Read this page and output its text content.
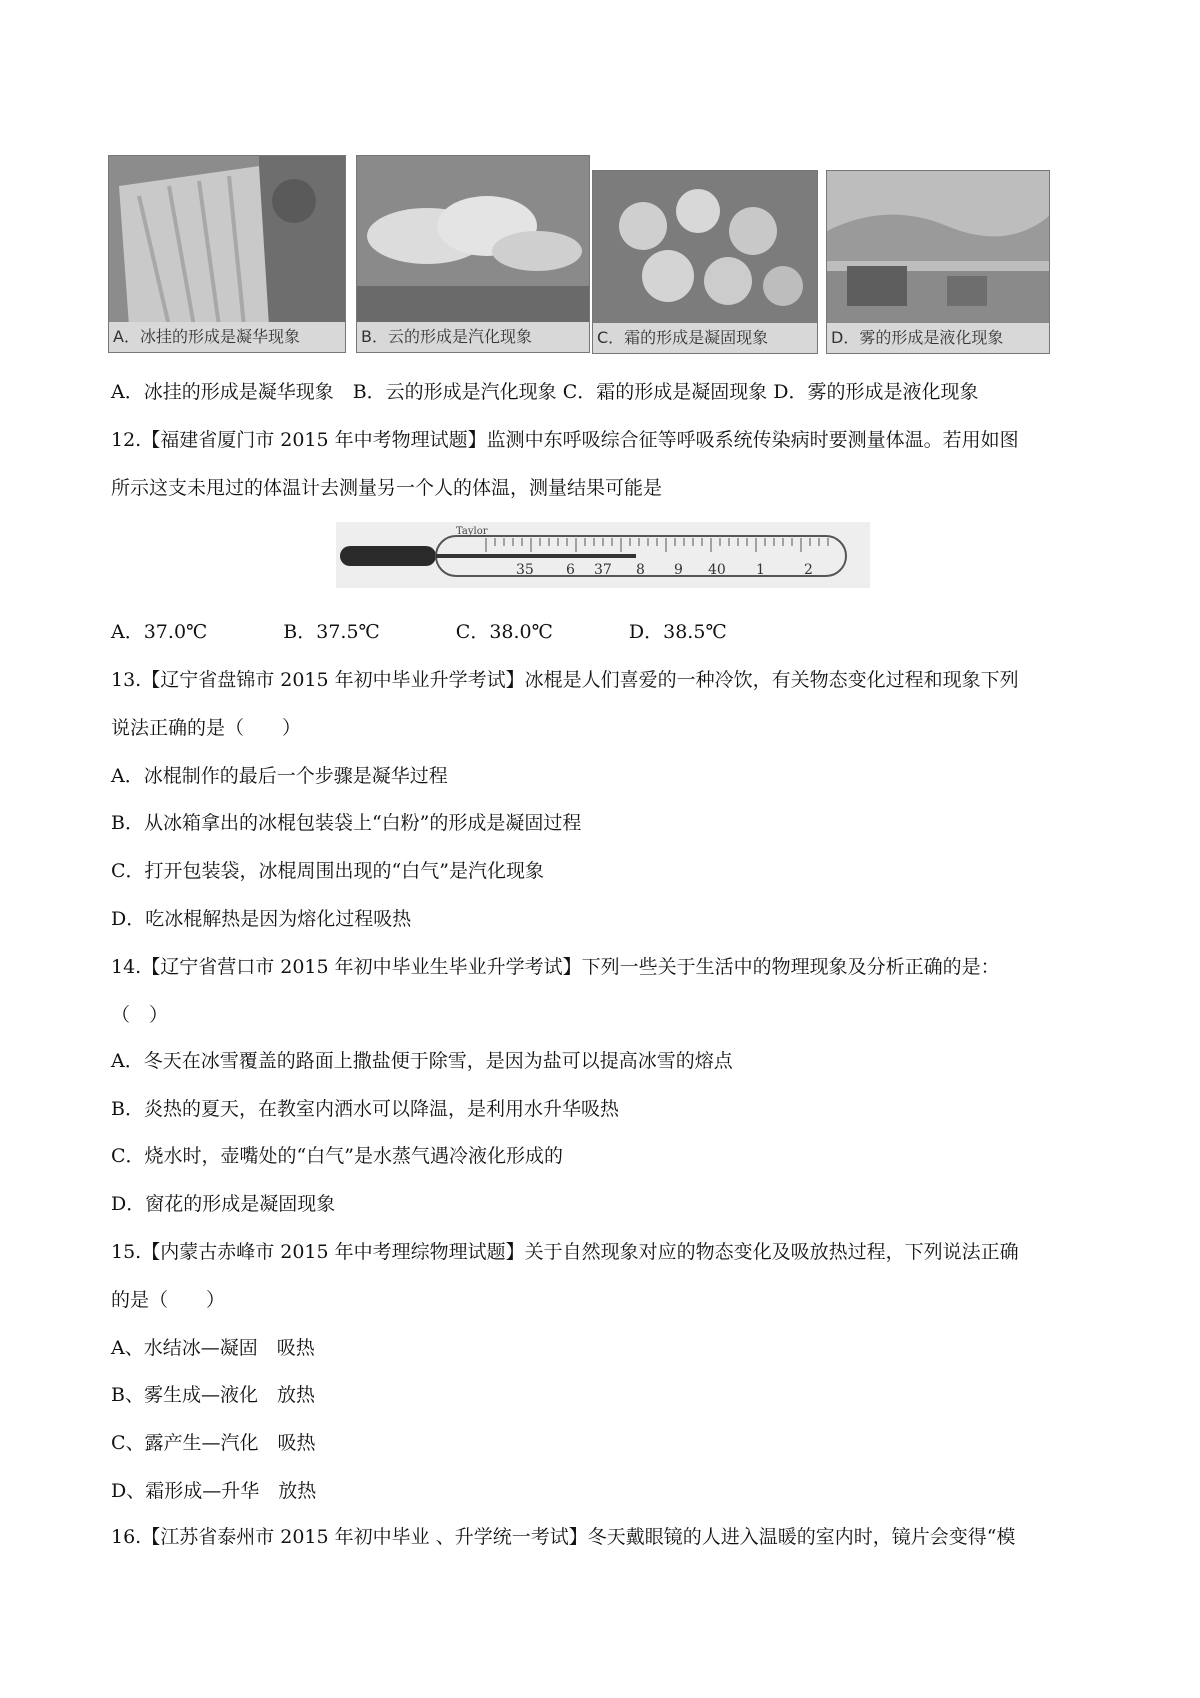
A．冰挂的形成是凝华现象	B．云的形成是汽化现象	C．霜的形成是凝固现象	D．雾的形成是液化现象
A．冰挂的形成是凝华现象　B．云的形成是汽化现象 C．霜的形成是凝固现象 D．雾的形成是液化现象
12.【福建省厦门市 2015 年中考物理试题】监测中东呼吸综合征等呼吸系统传染病时要测量体温。若用如图
所示这支未甩过的体温计去测量另一个人的体温，测量结果可能是
Taylor
35 6 37 8 9 40 1	2
A．37.0℃　　　　B．37.5℃　　　　C．38.0℃　　　　D．38.5℃
13.【辽宁省盘锦市 2015 年初中毕业升学考试】冰棍是人们喜爱的一种冷饮，有关物态变化过程和现象下列
说法正确的是（　　）
A．冰棍制作的最后一个步骤是凝华过程
B．从冰箱拿出的冰棍包装袋上“白粉”的形成是凝固过程
C．打开包装袋，冰棍周围出现的“白气”是汽化现象
D．吃冰棍解热是因为熔化过程吸热
14.【辽宁省营口市 2015 年初中毕业生毕业升学考试】下列一些关于生活中的物理现象及分析正确的是：
（　）
A．冬天在冰雪覆盖的路面上撒盐便于除雪，是因为盐可以提高冰雪的熔点
B．炎热的夏天，在教室内洒水可以降温，是利用水升华吸热
C．烧水时，壶嘴处的“白气”是水蒸气遇冷液化形成的
D．窗花的形成是凝固现象
15.【内蒙古赤峰市 2015 年中考理综物理试题】关于自然现象对应的物态变化及吸放热过程，下列说法正确
的是（　　）
A、水结冰—凝固　吸热
B、雾生成—液化　放热
C、露产生—汽化　吸热
D、霜形成—升华　放热
16.【江苏省泰州市 2015 年初中毕业 、升学统一考试】冬天戴眼镜的人进入温暖的室内时，镜片会变得“模
